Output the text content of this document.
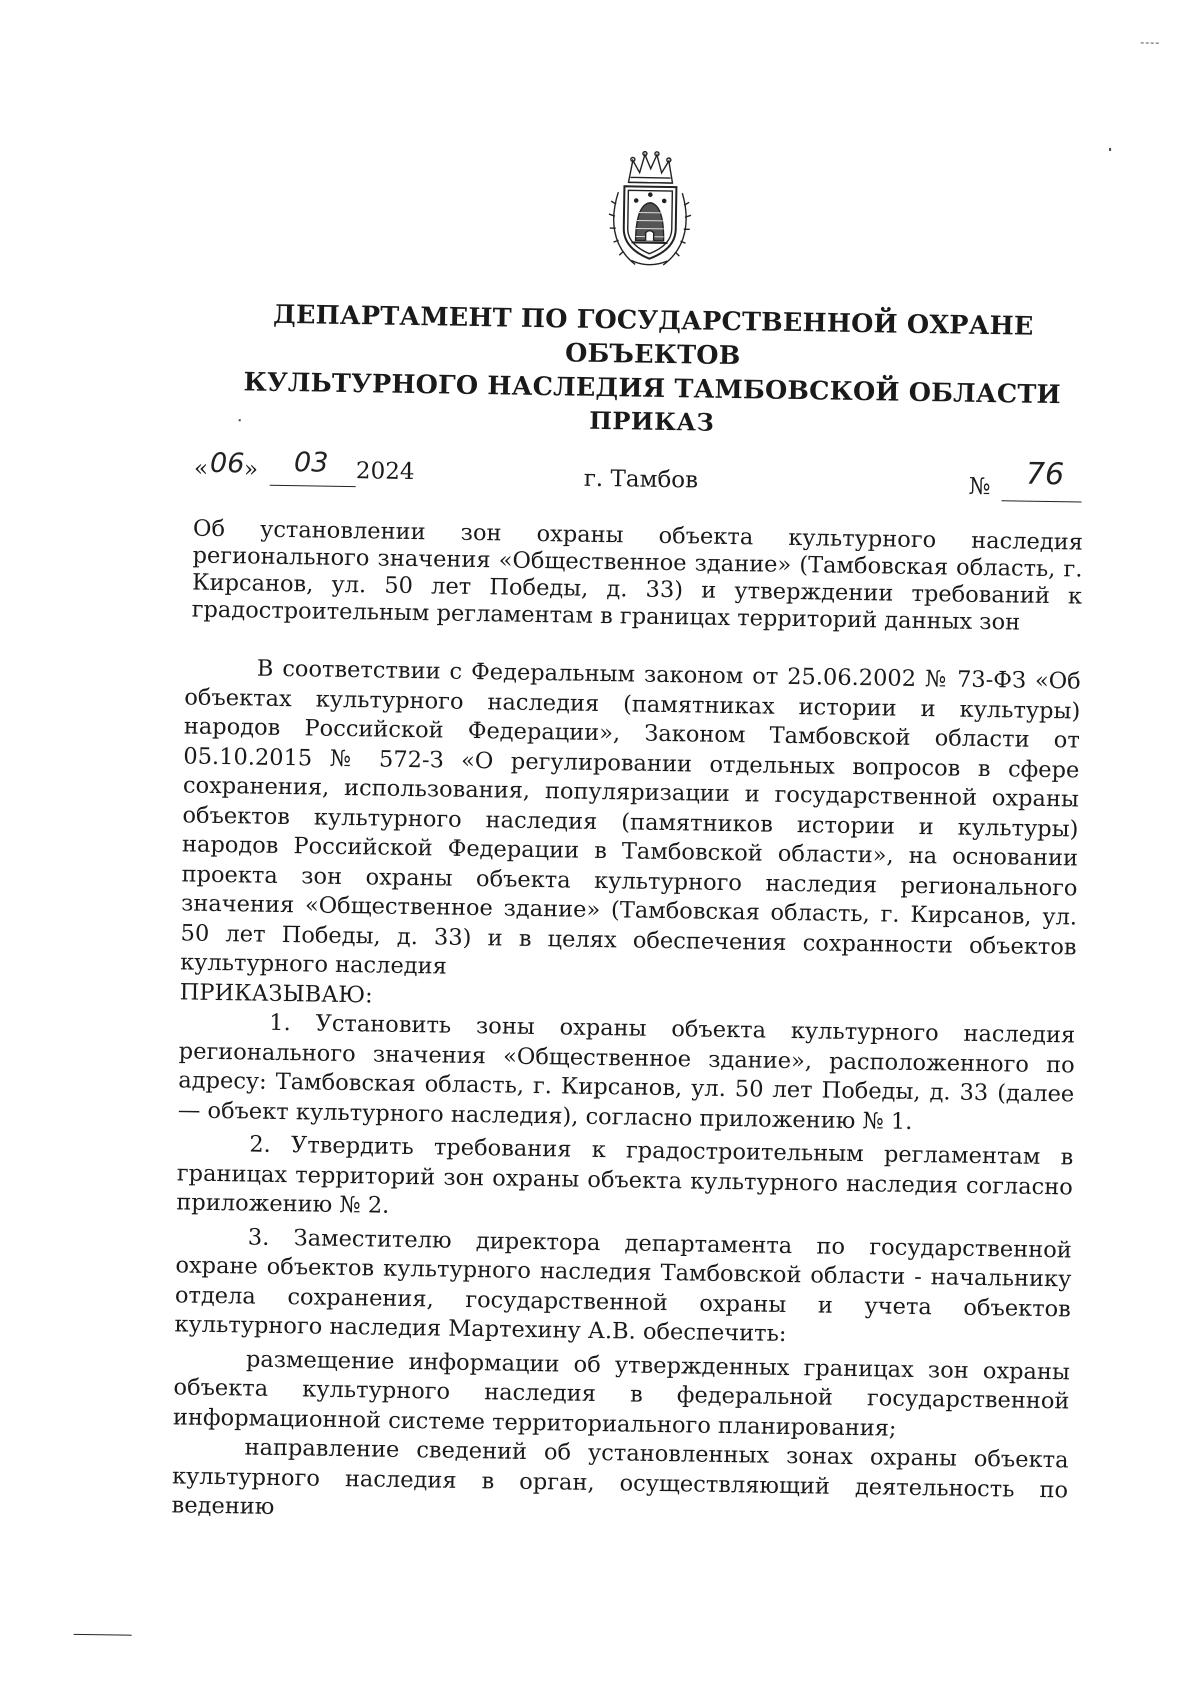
ДЕПАРТАМЕНТ ПО ГОСУДАРСТВЕННОЙ ОХРАНЕ ОБЪЕКТОВ
КУЛЬТУРНОГО НАСЛЕДИЯ ТАМБОВСКОЙ ОБЛАСТИ
ПРИКАЗ
« 06 » 03 2024	г. Тамбов	№ 76
Об установлении зон охраны объекта культурного наследия регионального значения «Общественное здание» (Тамбовская область, г. Кирсанов, ул. 50 лет Победы, д. 33) и утверждении требований к градостроительным регламентам в границах территорий данных зон

В соответствии с Федеральным законом от 25.06.2002 № 73-ФЗ «Об объектах культурного наследия (памятниках истории и культуры) народов Российской Федерации», Законом Тамбовской области от 05.10.2015 № 572-З «О регулировании отдельных вопросов в сфере сохранения, использования, популяризации и государственной охраны объектов культурного наследия (памятников истории и культуры) народов Российской Федерации в Тамбовской области», на основании проекта зон охраны объекта культурного наследия регионального значения «Общественное здание» (Тамбовская область, г. Кирсанов, ул. 50 лет Победы, д. 33) и в целях обеспечения сохранности объектов культурного наследия

ПРИКАЗЫВАЮ:

1. Установить зоны охраны объекта культурного наследия регионального значения «Общественное здание», расположенного по адресу: Тамбовская область, г. Кирсанов, ул. 50 лет Победы, д. 33 (далее — объект культурного наследия), согласно приложению № 1.

2. Утвердить требования к градостроительным регламентам в границах территорий зон охраны объекта культурного наследия согласно приложению № 2.

3. Заместителю директора департамента по государственной охране объектов культурного наследия Тамбовской области - начальнику отдела сохранения, государственной охраны и учета объектов культурного наследия Мартехину А.В. обеспечить:

размещение информации об утвержденных границах зон охраны объекта культурного наследия в федеральной государственной информационной системе территориального планирования;

направление сведений об установленных зонах охраны объекта культурного наследия в орган, осуществляющий деятельность по ведению
